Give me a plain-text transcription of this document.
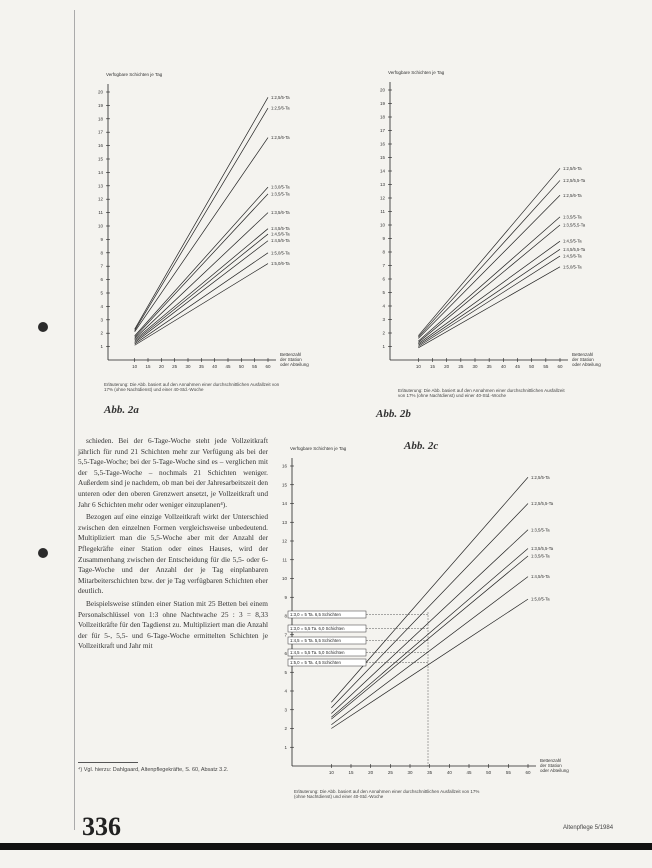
1
2
3
4
5
6
7
8
9
10
11
12
13
14
15
16
17
18
19
20
10 15 20 25 30 35 40 45 50 55 60
Verfügbare Schichten je Tag
Bettenzahl
der Station
oder Abteilung
1:2,5/5-Ta
1:2,5/6-Ta
1:2,5/6-Ta
1:3,0/5-Ta
1:3,5/5-Ta
1:3,5/6-Ta
1:4,5/5-Ta
1:4,5/6-Ta
1:4,5/5-Ta
1:5,0/5-Ta
1:5,0/6-Ta
Erläuterung: Die Abb. basiert auf den Annahmen einer durchschnittlichen Ausfallzeit von 17% (ohne Nachtdienst) und einer 40-Std.-Woche
Abb. 2a
1
2
3
4
5
6
7
8
9
10
11
12
13
14
15
16
17
18
19
20
10 15 20 25 30 35 40 45 50 55 60
Verfügbare Schichten je Tag
Bettenzahl
der Station
oder Abteilung
1:2,5/5-Ta
1:2,5/5,5-Ta
1:2,5/6-Ta
1:3,5/5-Ta
1:3,5/5,5-Ta
1:4,5/5-Ta
1:4,5/5,5-Ta
1:4,5/6-Ta
1:5,0/5-Ta
Erläuterung: Die Abb. basiert auf den Annahmen einer durchschnittlichen Ausfallzeit von 17% (ohne Nachtdienst) und einer 40-Std.-Woche
Abb. 2b
1
2
3
4
5
6
7
8
9
10
11
12
13
14
15
16
10	15	20	25	30	35	40	45	50	55	60
Verfügbare Schichten je Tag
Bettenzahl
der Station
oder Abteilung
1:2,5/5-Ta
1:2,5/5,5-Ta
1:3,5/5-Ta
1:3,5/5,5-Ta
1:3,5/6-Ta
1:4,5/5-Ta
1:5,0/5-Ta
1:3,0 = 5 Ta. 6,5 Schichten
1:3,0 = 5,5 Ta. 6,0 Schichten
1:4,5 = 5 Ta. 5,5 Schichten
1:4,5 = 5,5 Ta. 5,0 Schichten
1:5,0 = 5 Ta. 4,5 Schichten
Abb. 2c
Erläuterung: Die Abb. basiert auf den Annahmen einer durchschnittlichen Ausfallzeit von 17% (ohne Nachtdienst) und einer 40-Std.-Woche

schieden. Bei der 6-Tage-Woche steht jede Vollzeitkraft jährlich für rund 21 Schichten mehr zur Verfügung als bei der 5,5-Tage-Woche; bei der 5-Tage-Woche sind es – verglichen mit der 5,5-Tage-Woche – nochmals 21 Schichten weniger. Außerdem sind je nachdem, ob man bei der Jahresarbeitszeit den unteren oder den oberen Grenzwert ansetzt, je Vollzeitkraft und Jahr 6 Schichten mehr oder weniger einzuplanen⁴).

Bezogen auf eine einzige Vollzeitkraft wirkt der Unterschied zwischen den einzelnen Formen vergleichsweise unbedeutend. Multipliziert man die 5,5-Woche aber mit der Anzahl der Pflegekräfte einer Station oder eines Hauses, wird der Zusammenhang zwischen der Entscheidung für die 5,5- oder 6-Tage-Woche und der Anzahl der je Tag einplanbaren Mitarbeiterschichten bzw. der je Tag verfügbaren Schichten eher deutlich.

Beispielsweise stünden einer Station mit 25 Betten bei einem Personalschlüssel von 1:3 ohne Nachtwache 25 : 3 = 8,33 Vollzeitkräfte für den Tagdienst zu. Multipliziert man die Anzahl der für 5-, 5,5- und 6-Tage-Woche ermittelten Schichten je Vollzeitkraft und Jahr mit

⁴) Vgl. hierzu: Dahlgaard, Altenpflegekräfte, S. 60, Absatz 3.2.
336	Altenpflege 5/1984
